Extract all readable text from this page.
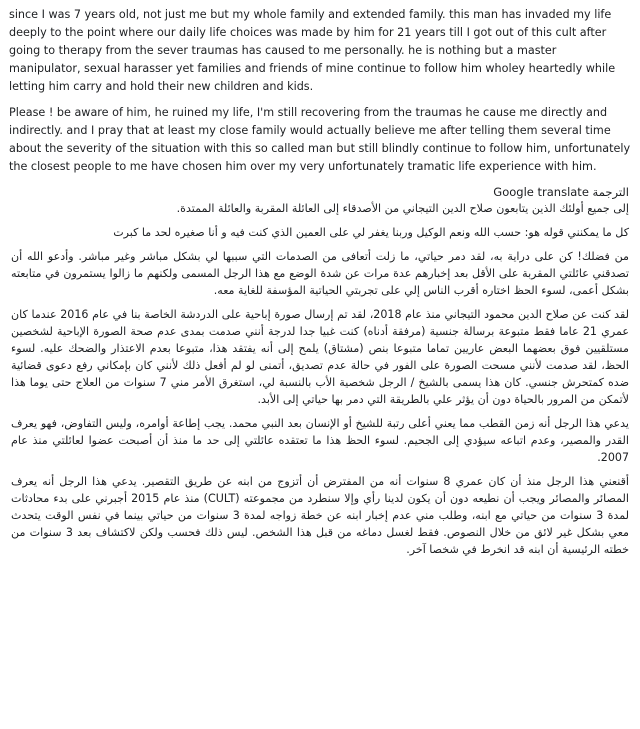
since I was 7 years old, not just me but my whole family and extended family. this man has invaded my life deeply to the point where our daily life choices was made by him for 21 years till I got out of this cult after going to therapy from the sever traumas has caused to me personally. he is nothing but a master manipulator, sexual harasser yet families and friends of mine continue to follow him wholey heartedly while letting him carry and hold their new children and kids.

Please ! be aware of him, he ruined my life, I'm still recovering from the traumas he cause me directly and indirectly. and I pray that at least my close family would actually believe me after telling them several time about the severity of the situation with this so called man but still blindly continue to follow him, unfortunately the closest people to me have chosen him over my very unfortunately tramatic life experience with him.

الترجمة Google translate

إلى جميع أولئك الذين يتابعون صلاح الدين التيجاني من الأصدقاء إلى العائلة المقربة والعائلة الممتدة.

كل ما يمكنني قوله هو: حسب الله ونعم الوكيل وربنا يغفر لي على العمين الذي كنت فيه و أنا صغيره لحد ما كبرت

من فضلك! كن على دراية به، لقد دمر حياتي، ما زلت أتعافى من الصدمات التي سببها لي بشكل مباشر وغير مباشر. وأدعو الله أن تصدقني عائلتي المقربة على الأقل بعد إخبارهم عدة مرات عن شدة الوضع مع هذا الرجل المسمى ولكنهم ما زالوا يستمرون في متابعته بشكل أعمى، لسوء الحظ اختاره أقرب الناس إلي على تجربتي الحياتية المؤسفة للغاية معه.

لقد كنت عن صلاح الدين محمود التيجاني منذ عام 2018، لقد تم إرسال صورة إباحية على الدردشة الخاصة بنا في عام 2016 عندما كان عمري 21 عاما فقط متبوعة برسالة جنسية (مرفقة أدناه) كنت غبيا جدا لدرجة أنني صدمت بمدى عدم صحة الصورة الإباحية لشخصين مستلقيين فوق بعضهما البعض عاريين تماما متبوعا بنص (مشتاق) يلمح إلى أنه يفتقد هذا، متبوعا بعدم الاعتذار والضحك عليه. لسوء الحظ، لقد صدمت لأنني مسحت الصورة على الفور في حالة عدم تصديق، أتمنى لو لم أفعل ذلك لأنني كان بإمكاني رفع دعوى قضائية ضده كمتحرش جنسي. كان هذا يسمى بالشيخ / الرجل شخصية الأب بالنسبة لي، استغرق الأمر مني 7 سنوات من العلاج حتى يوما هذا لأتمكن من المرور بالحياة دون أن يؤثر علي بالطريقة التي دمر بها حياتي إلى الأبد.

يدعي هذا الرجل أنه زمن القطب مما يعني أعلى رتبة للشيخ أو الإنسان بعد النبي محمد. يجب إطاعة أوامره، وليس التفاوض، فهو يعرف القدر والمصير، وعدم اتباعه سيؤدي إلى الجحيم. لسوء الحظ هذا ما تعتقده عائلتي إلى حد ما منذ أن أصبحت عضوا لعائلتي منذ عام 2007.

أقنعني هذا الرجل منذ أن كان عمري 8 سنوات أنه من المفترض أن أتزوج من ابنه عن طريق التقصير. يدعي هذا الرجل أنه يعرف المصائر والمصائر ويجب أن نطيعه دون أن يكون لدينا رأي وإلا سنطرد من مجموعته (CULT) منذ عام 2015 أجبرني على بدء محادثات لمدة 3 سنوات من حياتي مع ابنه، وطلب مني عدم إخبار ابنه عن خطة زواجه لمدة 3 سنوات من حياتي بينما في نفس الوقت يتحدث معي بشكل غير لائق من خلال النصوص. فقط لغسل دماغه من قبل هذا الشخص. ليس ذلك فحسب ولكن لاكتشاف بعد 3 سنوات من خطته الرئيسية أن ابنه قد انخرط في شخصا آخر.
